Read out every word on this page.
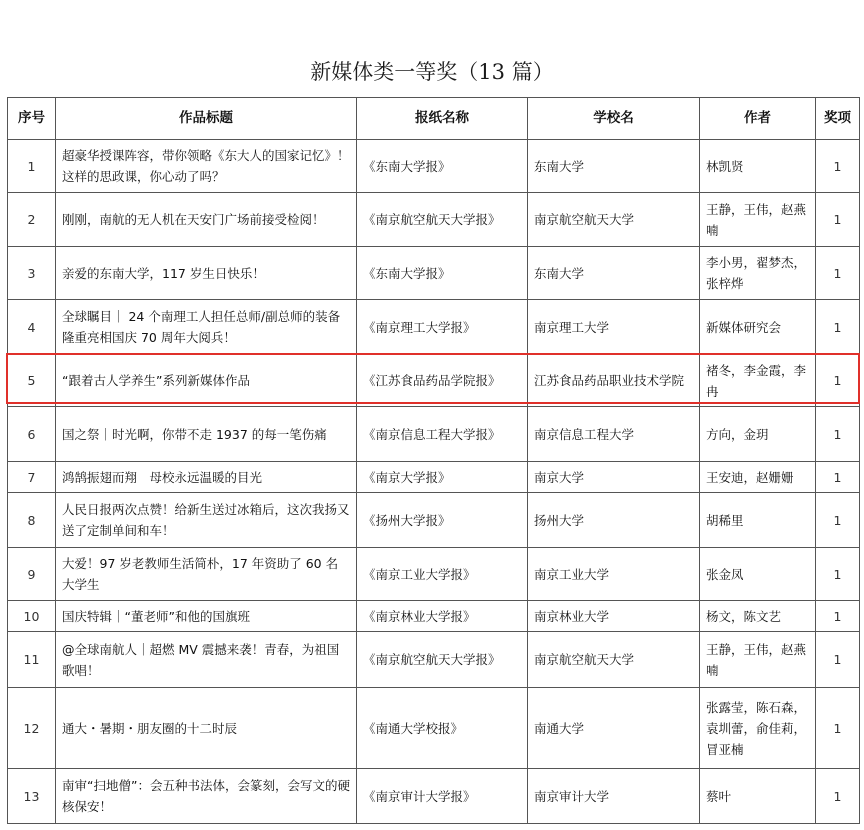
新媒体类一等奖（13 篇）
序号	作品标题	报纸名称	学校名	作者	奖项
1	超豪华授课阵容，带你领略《东大人的国家记忆》！这样的思政课，你心动了吗？	《东南大学报》	东南大学	林凯贤	1
2	刚刚，南航的无人机在天安门广场前接受检阅！	《南京航空航天大学报》	南京航空航天大学	王静，王伟，赵燕喃	1
3	亲爱的东南大学，117 岁生日快乐！	《东南大学报》	东南大学	李小男，翟梦杰，张梓烨	1
4	全球瞩目｜ 24 个南理工人担任总师/副总师的装备隆重亮相国庆 70 周年大阅兵！	《南京理工大学报》	南京理工大学	新媒体研究会	1
5	“跟着古人学养生”系列新媒体作品	《江苏食品药品学院报》	江苏食品药品职业技术学院	褚冬，李金霞，李冉	1
6	国之祭｜时光啊，你带不走 1937 的每一笔伤痛	《南京信息工程大学报》	南京信息工程大学	方向，金玥	1
7	鸿鹄振翅而翔　母校永远温暖的目光	《南京大学报》	南京大学	王安迪，赵姗姗	1
8	人民日报两次点赞！给新生送过冰箱后，这次我扬又送了定制单间和车！	《扬州大学报》	扬州大学	胡稀里	1
9	大爱！97 岁老教师生活简朴，17 年资助了 60 名大学生	《南京工业大学报》	南京工业大学	张金凤	1
10	国庆特辑｜“董老师”和他的国旗班	《南京林业大学报》	南京林业大学	杨文，陈文艺	1
11	@全球南航人｜超燃 MV 震撼来袭！青春，为祖国歌唱！	《南京航空航天大学报》	南京航空航天大学	王静，王伟，赵燕喃	1
12	通大・暑期・朋友圈的十二时辰	《南通大学校报》	南通大学	张露莹，陈石森，袁圳蕾，俞佳莉，冒亚楠	1
13	南审“扫地僧”：会五种书法体，会篆刻，会写文的硬核保安！	《南京审计大学报》	南京审计大学	蔡叶	1
